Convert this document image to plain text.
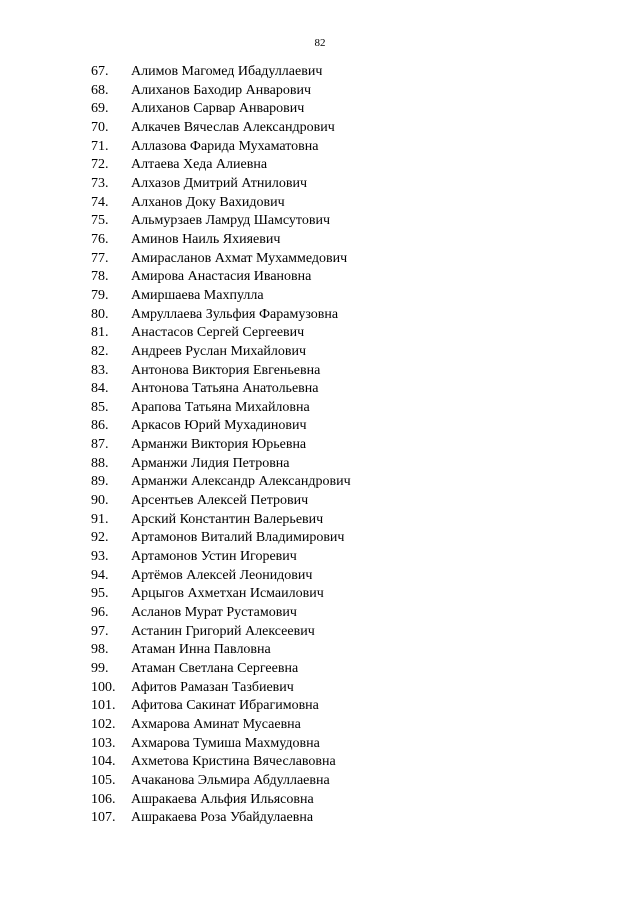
82
67. Алимов Магомед Ибадуллаевич
68. Алиханов Баходир Анварович
69. Алиханов Сарвар Анварович
70. Алкачев Вячеслав Александрович
71. Аллазова Фарида Мухаматовна
72. Алтаева Хеда Алиевна
73. Алхазов Дмитрий Атнилович
74. Алханов Доку Вахидович
75. Альмурзаев Ламруд Шамсутович
76. Аминов Наиль Яхияевич
77. Амирасланов Ахмат Мухаммедович
78. Амирова Анастасия Ивановна
79. Амиршаева Махпулла
80. Амруллаева Зульфия Фарамузовна
81. Анастасов Сергей Сергеевич
82. Андреев Руслан Михайлович
83. Антонова Виктория Евгеньевна
84. Антонова Татьяна Анатольевна
85. Арапова Татьяна Михайловна
86. Аркасов Юрий Мухадинович
87. Арманжи Виктория Юрьевна
88. Арманжи Лидия Петровна
89. Арманжи Александр Александрович
90. Арсентьев Алексей Петрович
91. Арский Константин Валерьевич
92. Артамонов Виталий Владимирович
93. Артамонов Устин Игоревич
94. Артёмов Алексей Леонидович
95. Арцыгов Ахметхан Исмаилович
96. Асланов Мурат Рустамович
97. Астанин Григорий Алексеевич
98. Атаман Инна Павловна
99. Атаман Светлана Сергеевна
100. Афитов Рамазан Тазбиевич
101. Афитова Сакинат Ибрагимовна
102. Ахмарова Аминат Мусаевна
103. Ахмарова Тумиша Махмудовна
104. Ахметова Кристина Вячеславовна
105. Ачаканова Эльмира Абдуллаевна
106. Ашракаева Альфия Ильясовна
107. Ашракаева Роза Убайдулаевна
